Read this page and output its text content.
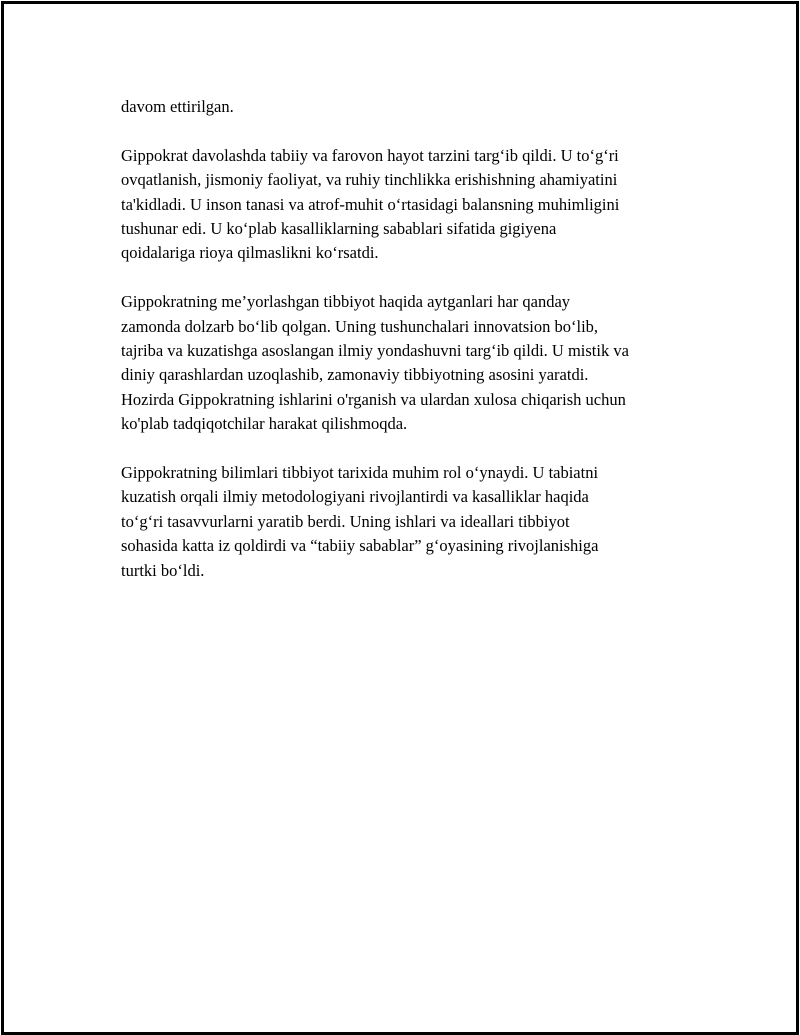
davom ettirilgan.

Gippokrat davolashda tabiiy va farovon hayot tarzini targ‘ib qildi. U to‘g‘ri
ovqatlanish, jismoniy faoliyat, va ruhiy tinchlikka erishishning ahamiyatini
ta'kidladi. U inson tanasi va atrof-muhit o‘rtasidagi balansning muhimligini
tushunar edi. U ko‘plab kasalliklarning sabablari sifatida gigiyena
qoidalariga rioya qilmaslikni ko‘rsatdi.

Gippokratning me’yorlashgan tibbiyot haqida aytganlari har qanday
zamonda dolzarb bo‘lib qolgan. Uning tushunchalari innovatsion bo‘lib,
tajriba va kuzatishga asoslangan ilmiy yondashuvni targ‘ib qildi. U mistik va
diniy qarashlardan uzoqlashib, zamonaviy tibbiyotning asosini yaratdi.
Hozirda Gippokratning ishlarini o'rganish va ulardan xulosa chiqarish uchun
ko'plab tadqiqotchilar harakat qilishmoqda.

Gippokratning bilimlari tibbiyot tarixida muhim rol o‘ynaydi. U tabiatni
kuzatish orqali ilmiy metodologiyani rivojlantirdi va kasalliklar haqida
to‘g‘ri tasavvurlarni yaratib berdi. Uning ishlari va ideallari tibbiyot
sohasida katta iz qoldirdi va “tabiiy sabablar” g‘oyasining rivojlanishiga
turtki bo‘ldi.
